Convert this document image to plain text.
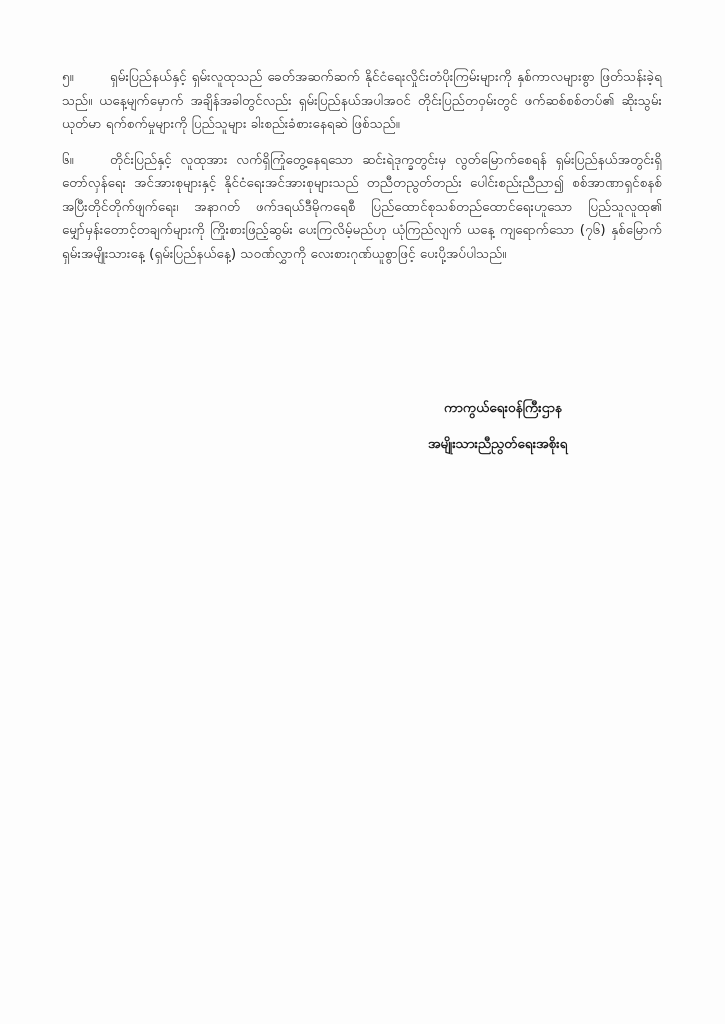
၅။	ရှမ်းပြည်နယ်နှင့် ရှမ်းလူထုသည် ခေတ်အဆက်ဆက် နိုင်ငံရေးလှိုင်းတံပိုးကြမ်းများကို နှစ်ကာလများစွာ ဖြတ်သန်းခဲ့ရသည်။ ယနေ့မျက်မှောက် အချိန်အခါတွင်လည်း ရှမ်းပြည်နယ်အပါအဝင် တိုင်းပြည်တဝှမ်းတွင် ဖက်ဆစ်စစ်တပ်၏ ဆိုးသွမ်းယုတ်မာ ရက်စက်မှုများကို ပြည်သူများ ခါးစည်းခံစားနေရဆဲ ဖြစ်သည်။

၆။	တိုင်းပြည်နှင့် လူထုအား လက်ရှိကြုံတွေ့နေရသော ဆင်းရဲဒုက္ခတွင်းမှ လွတ်မြောက်စေရန် ရှမ်းပြည်နယ်အတွင်းရှိ တော်လှန်ရေး အင်အားစုများနှင့် နိုင်ငံရေးအင်အားစုများသည် တညီတညွတ်တည်း ပေါင်းစည်းညီညာ၍ စစ်အာဏာရှင်စနစ် အပြီးတိုင်တိုက်ဖျက်ရေး၊ အနာဂတ် ဖက်ဒရယ်ဒီမိုကရေစီ ပြည်ထောင်စုသစ်တည်ထောင်ရေးဟူသော ပြည်သူလူထု၏ မျှော်မှန်းတောင့်တချက်များကို ကြိုးစားဖြည့်ဆွမ်း ပေးကြလိမ့်မည်ဟု ယုံကြည်လျက် ယနေ့ ကျရောက်သော (၇၆) နှစ်မြောက် ရှမ်းအမျိုးသားနေ့ (ရှမ်းပြည်နယ်နေ့) သဝဏ်လွှာကို လေးစားဂုဏ်ယူစွာဖြင့် ပေးပို့အပ်ပါသည်။

ကာကွယ်ရေးဝန်ကြီးဌာန
အမျိုးသားညီညွတ်ရေးအစိုးရ
